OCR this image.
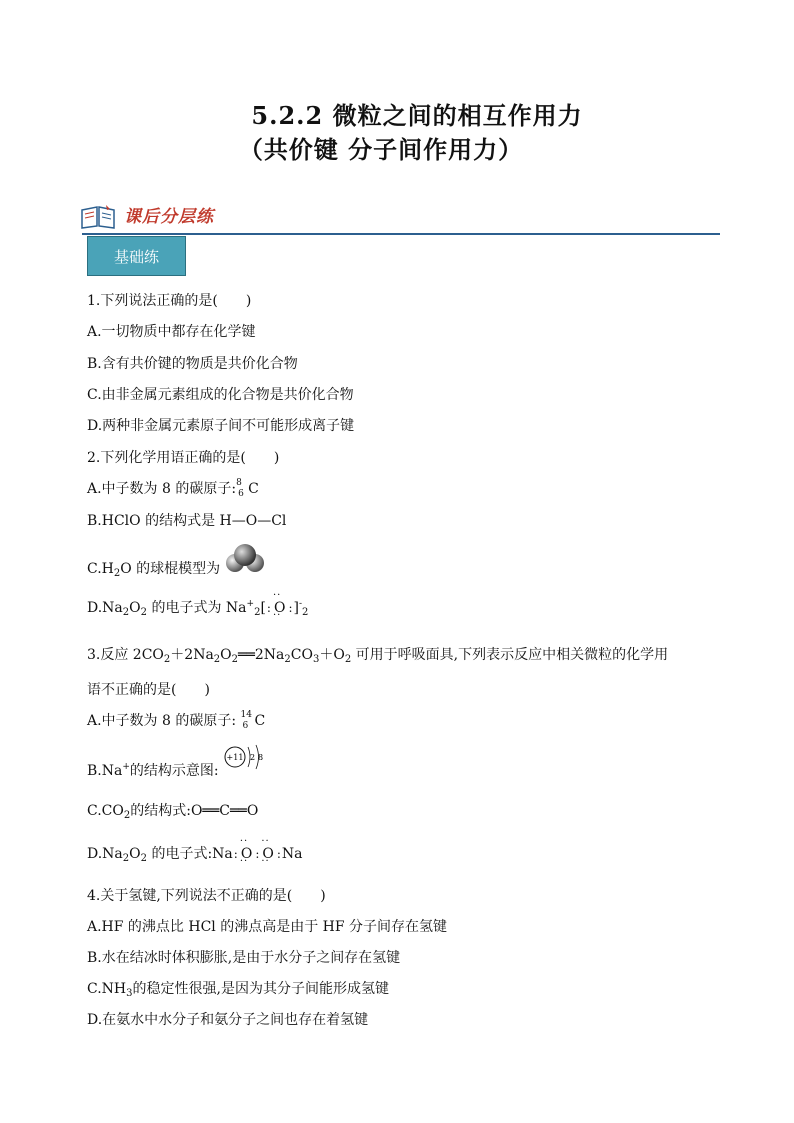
5.2.2 微粒之间的相互作用力
（共价键 分子间作用力）
课后分层练
基础练
1.下列说法正确的是(　　)
A.一切物质中都存在化学键
B.含有共价键的物质是共价化合物
C.由非金属元素组成的化合物是共价化合物
D.两种非金属元素原子间不可能形成离子键
2.下列化学用语正确的是(　　)
A.中子数为 8 的碳原子: 8
6 C
B.HClO 的结构式是 H—O—Cl
$C.H_2O$ 的球棍模型为
$D.Na_2O_2$ 的电子式为 $Na^+_2[:\cdot\cdot O$ ·· $:]^-_2$
3.反应 $2CO_2+2Na_2O_2══2Na_2CO_3+O_2$ 可用于呼吸面具,下列表示反应中相关微粒的化学用
语不正确的是(　　)
A.中子数为 8 的碳原子: 14
6 C
B.Na+的结构示意图:
+11 2 8
$C.CO_2$的结构式:O══C══O
$D.Na_2O_2$ 的电子式:Na:·· O ·· :·· O ·· :Na
4.关于氢键,下列说法不正确的是(　　)
A.HF 的沸点比 HCl 的沸点高是由于 HF 分子间存在氢键
B.水在结冰时体积膨胀,是由于水分子之间存在氢键
$C.NH_3$的稳定性很强,是因为其分子间能形成氢键
D.在氨水中水分子和氨分子之间也存在着氢键
